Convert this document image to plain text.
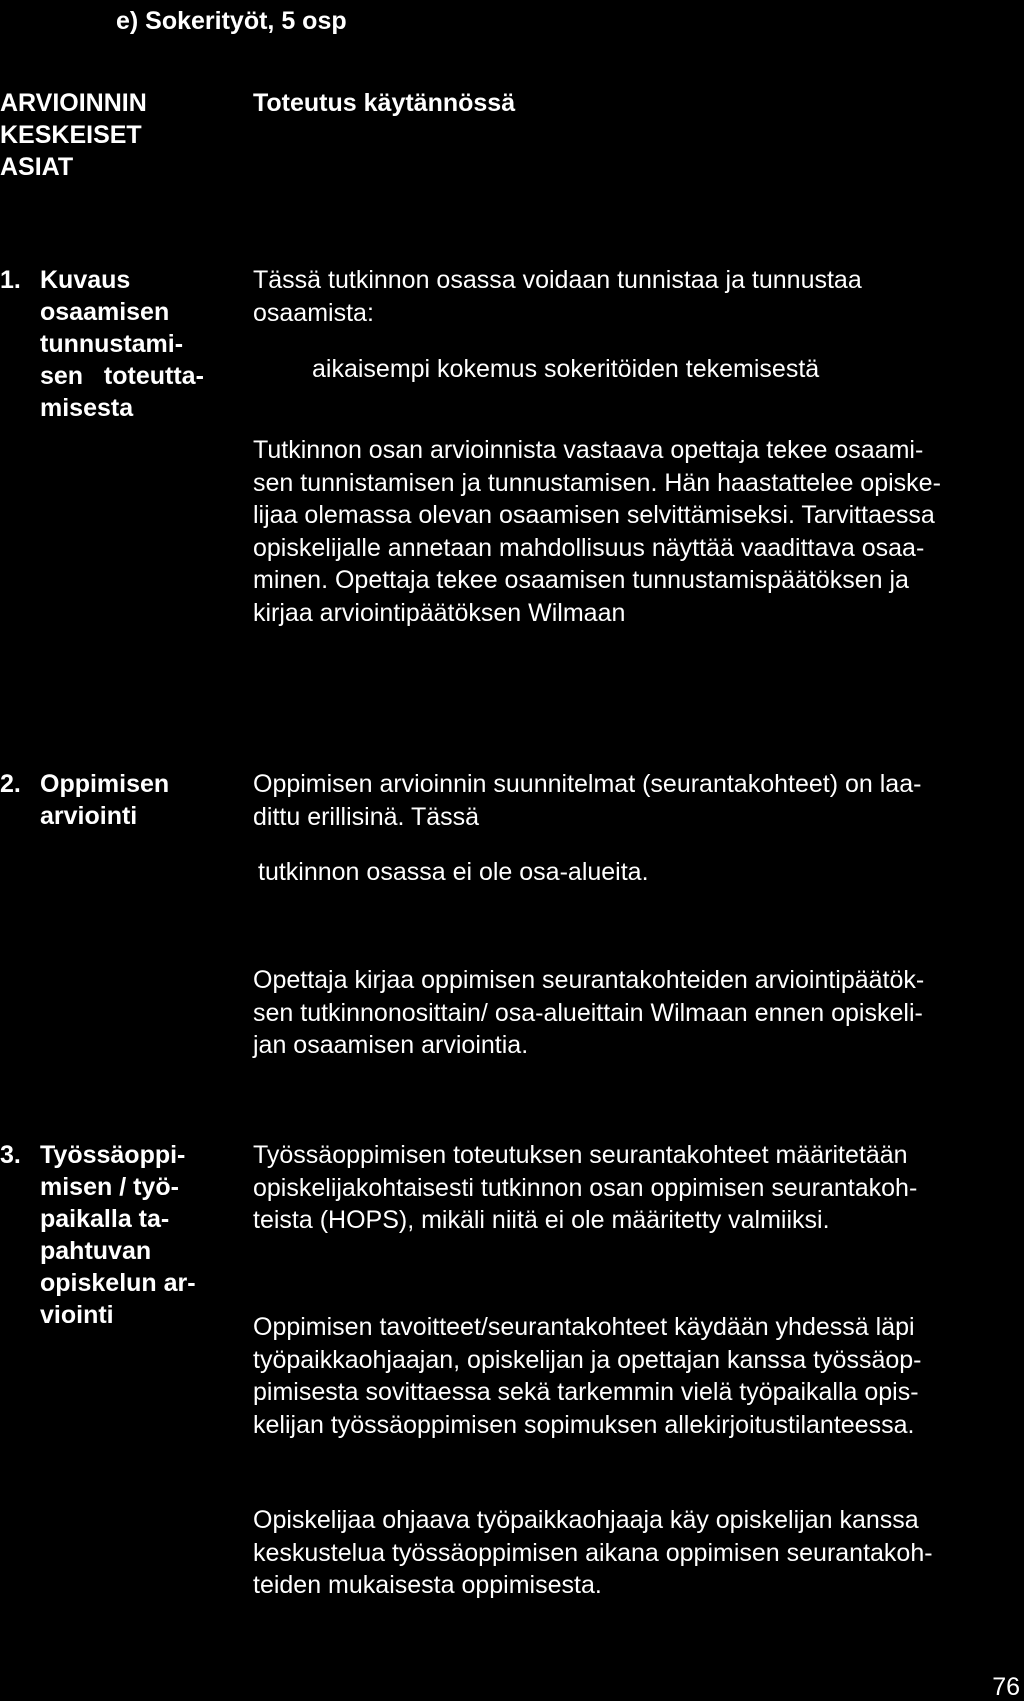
e) Sokerityöt, 5 osp
ARVIOINNIN
KESKEISET
ASIAT
Toteutus käytännössä
1. Kuvaus
osaamisen
tunnustami-
sen   toteutta-
misesta
Tässä tutkinnon osassa voidaan tunnistaa ja tunnustaa
osaamista:
aikaisempi kokemus sokeritöiden tekemisestä
Tutkinnon osan arvioinnista vastaava opettaja tekee osaami-
sen tunnistamisen ja tunnustamisen. Hän haastattelee opiske-
lijaa olemassa olevan osaamisen selvittämiseksi. Tarvittaessa
opiskelijalle annetaan mahdollisuus näyttää vaadittava osaa-
minen. Opettaja tekee osaamisen tunnustamispäätöksen ja
kirjaa arviointipäätöksen Wilmaan
2. Oppimisen
arviointi
Oppimisen arvioinnin suunnitelmat (seurantakohteet) on laa-
dittu erillisinä. Tässä
tutkinnon osassa ei ole osa-alueita.
Opettaja kirjaa oppimisen seurantakohteiden arviointipäätök-
sen tutkinnonosittain/ osa-alueittain Wilmaan ennen opiskeli-
jan osaamisen arviointia.
3. Työssäoppi-
misen / työ-
paikalla ta-
pahtuvan
opiskelun ar-
viointi
Työssäoppimisen toteutuksen seurantakohteet määritetään
opiskelijakohtaisesti tutkinnon osan oppimisen seurantakoh-
teista (HOPS), mikäli niitä ei ole määritetty valmiiksi.
Oppimisen tavoitteet/seurantakohteet käydään yhdessä läpi
työpaikkaohjaajan, opiskelijan ja opettajan kanssa työssäop-
pimisesta sovittaessa sekä tarkemmin vielä työpaikalla opis-
kelijan työssäoppimisen sopimuksen allekirjoitustilanteessa.
Opiskelijaa ohjaava työpaikkaohjaaja käy opiskelijan kanssa
keskustelua työssäoppimisen aikana oppimisen seurantakoh-
teiden mukaisesta oppimisesta.
76
